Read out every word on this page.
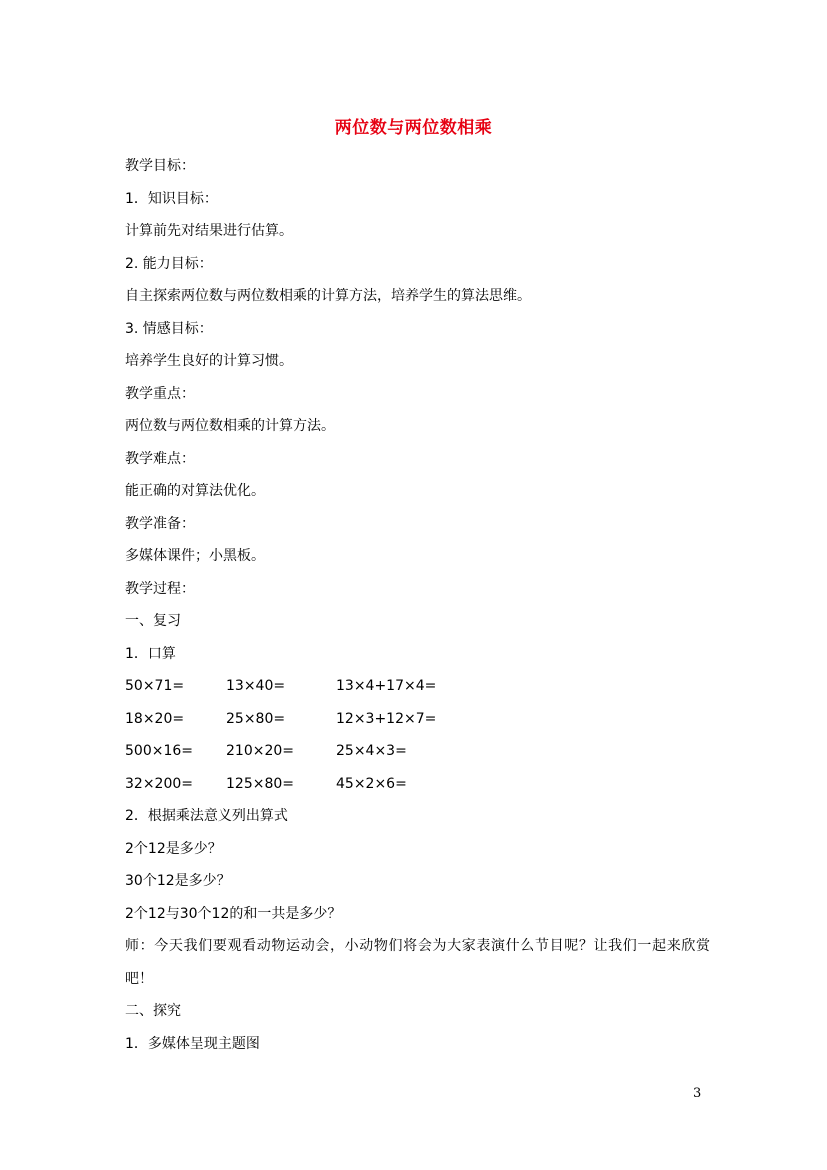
两位数与两位数相乘
教学目标：
1．知识目标：
计算前先对结果进行估算。
2. 能力目标：
自主探索两位数与两位数相乘的计算方法，培养学生的算法思维。
3. 情感目标：
培养学生良好的计算习惯。
教学重点：
两位数与两位数相乘的计算方法。
教学难点：
能正确的对算法优化。
教学准备：
多媒体课件；小黑板。
教学过程：
一、复习
1．口算
50×71=	13×40=	13×4+17×4=
18×20=	25×80=	12×3+12×7=
500×16=	210×20=	25×4×3=
32×200=	125×80=	45×2×6=
2．根据乘法意义列出算式
2个12是多少？
30个12是多少？
2个12与30个12的和一共是多少？
师：今天我们要观看动物运动会，小动物们将会为大家表演什么节目呢？让我们一起来欣赏吧！
二、探究
1．多媒体呈现主题图
3
